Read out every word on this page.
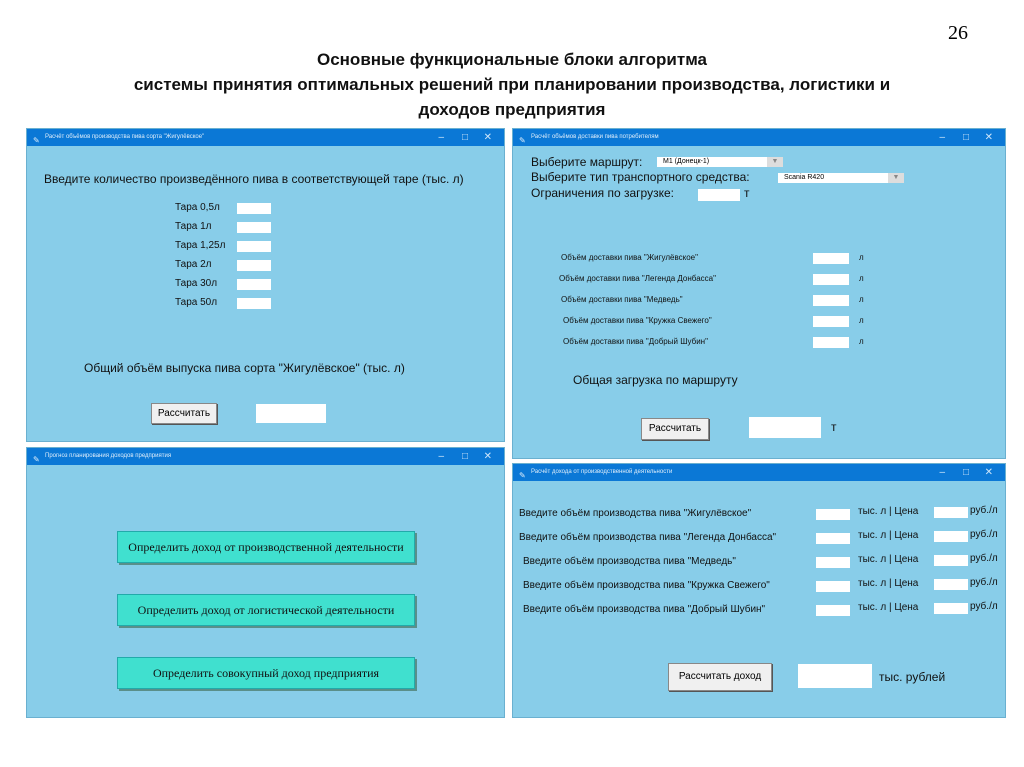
Основные функциональные блоки алгоритма
системы принятия оптимальных решений при планировании производства, логистики и
доходов предприятия
26
✎ Расчёт объёмов производства пива сорта "Жигулёвское"	– □ ✕
Введите количество произведённого пива в соответствующей таре (тыс. л)
Тара 0,5л
Тара 1л
Тара 1,25л
Тара 2л
Тара 30л
Тара 50л
Общий объём выпуска пива сорта "Жигулёвское" (тыс. л)
Рассчитать
✎ Расчёт объёмов доставки пива потребителям	– □ ✕
Выберите маршрут:	М1 (Донецк-1)	▼
Выберите тип транспортного средства:	Scania R420	▼
Ограничения по загрузке:	т
Объём доставки пива "Жигулёвское"	л
Объём доставки пива "Легенда Донбасса"	л
Объём доставки пива "Медведь"	л
Объём доставки пива "Кружка Свежего"	л
Объём доставки пива "Добрый Шубин"	л
Общая загрузка по маршруту
Рассчитать	т
✎ Прогноз планирования доходов предприятия	– □ ✕
Определить доход от производственной деятельности
Определить доход от логистической деятельности
Определить совокупный доход предприятия
✎ Расчёт дохода от производственной деятельности	– □ ✕
Введите объём производства пива "Жигулёвское"	тыс. л | Цена	руб./л
Введите объём производства пива "Легенда Донбасса"	тыс. л | Цена	руб./л
Введите объём производства пива "Медведь"	тыс. л | Цена	руб./л
Введите объём производства пива "Кружка Свежего"	тыс. л | Цена	руб./л
Введите объём производства пива "Добрый Шубин"	тыс. л | Цена	руб./л
Рассчитать доход	тыс. рублей
